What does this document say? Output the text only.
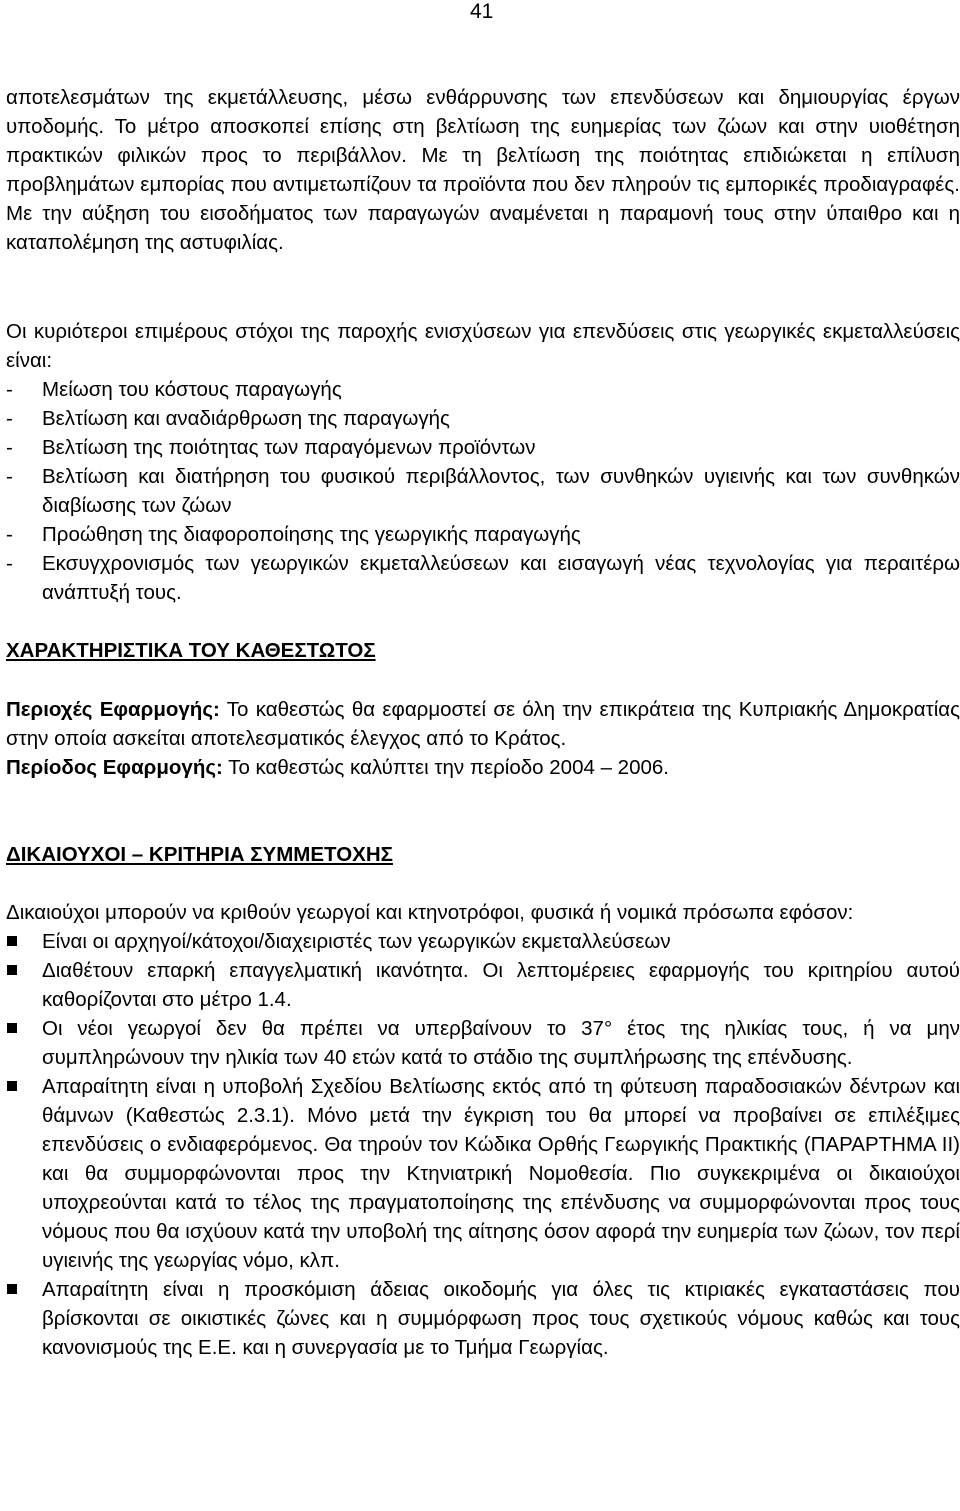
41
αποτελεσμάτων της εκμετάλλευσης, μέσω ενθάρρυνσης των επενδύσεων και δημιουργίας έργων υποδομής. Το μέτρο αποσκοπεί επίσης στη βελτίωση της ευημερίας των ζώων και στην υιοθέτηση πρακτικών φιλικών προς το περιβάλλον. Με τη βελτίωση της ποιότητας επιδιώκεται η επίλυση προβλημάτων εμπορίας που αντιμετωπίζουν τα προϊόντα που δεν πληρούν τις εμπορικές προδιαγραφές. Με την αύξηση του εισοδήματος των παραγωγών αναμένεται η παραμονή τους στην ύπαιθρο και η καταπολέμηση της αστυφιλίας.
Οι κυριότεροι επιμέρους στόχοι της παροχής ενισχύσεων για επενδύσεις στις γεωργικές εκμεταλλεύσεις είναι:
- Μείωση του κόστους παραγωγής
- Βελτίωση και αναδιάρθρωση της παραγωγής
- Βελτίωση της ποιότητας των παραγόμενων προϊόντων
- Βελτίωση και διατήρηση του φυσικού περιβάλλοντος, των συνθηκών υγιεινής και των συνθηκών διαβίωσης των ζώων
- Προώθηση της διαφοροποίησης της γεωργικής παραγωγής
- Εκσυγχρονισμός των γεωργικών εκμεταλλεύσεων και εισαγωγή νέας τεχνολογίας για περαιτέρω ανάπτυξή τους.
ΧΑΡΑΚΤΗΡΙΣΤΙΚΑ ΤΟΥ ΚΑΘΕΣΤΩΤΟΣ
Περιοχές Εφαρμογής: Το καθεστώς θα εφαρμοστεί σε όλη την επικράτεια της Κυπριακής Δημοκρατίας στην οποία ασκείται αποτελεσματικός έλεγχος από το Κράτος.
Περίοδος Εφαρμογής: Το καθεστώς καλύπτει την περίοδο 2004 – 2006.
ΔΙΚΑΙΟΥΧΟΙ – ΚΡΙΤΗΡΙΑ ΣΥΜΜΕΤΟΧΗΣ
Δικαιούχοι μπορούν να κριθούν γεωργοί και κτηνοτρόφοι, φυσικά ή νομικά πρόσωπα εφόσον:
Είναι οι αρχηγοί/κάτοχοι/διαχειριστές των γεωργικών εκμεταλλεύσεων
Διαθέτουν επαρκή επαγγελματική ικανότητα. Οι λεπτομέρειες εφαρμογής του κριτηρίου αυτού καθορίζονται στο μέτρο 1.4.
Οι νέοι γεωργοί δεν θα πρέπει να υπερβαίνουν το 37° έτος της ηλικίας τους, ή να μην συμπληρώνουν την ηλικία των 40 ετών κατά το στάδιο της συμπλήρωσης της επένδυσης.
Απαραίτητη είναι η υποβολή Σχεδίου Βελτίωσης εκτός από τη φύτευση παραδοσιακών δέντρων και θάμνων (Καθεστώς 2.3.1). Μόνο μετά την έγκριση του θα μπορεί να προβαίνει σε επιλέξιμες επενδύσεις ο ενδιαφερόμενος. Θα τηρούν τον Κώδικα Ορθής Γεωργικής Πρακτικής (ΠΑΡΑΡΤΗΜΑ ΙΙ) και θα συμμορφώνονται προς την Κτηνιατρική Νομοθεσία. Πιο συγκεκριμένα οι δικαιούχοι υποχρεούνται κατά το τέλος της πραγματοποίησης της επένδυσης να συμμορφώνονται προς τους νόμους που θα ισχύουν κατά την υποβολή της αίτησης όσον αφορά την ευημερία των ζώων, τον περί υγιεινής της γεωργίας νόμο, κλπ.
Απαραίτητη είναι η προσκόμιση άδειας οικοδομής για όλες τις κτιριακές εγκαταστάσεις που βρίσκονται σε οικιστικές ζώνες και η συμμόρφωση προς τους σχετικούς νόμους καθώς και τους κανονισμούς της Ε.Ε. και η συνεργασία με το Τμήμα Γεωργίας.
